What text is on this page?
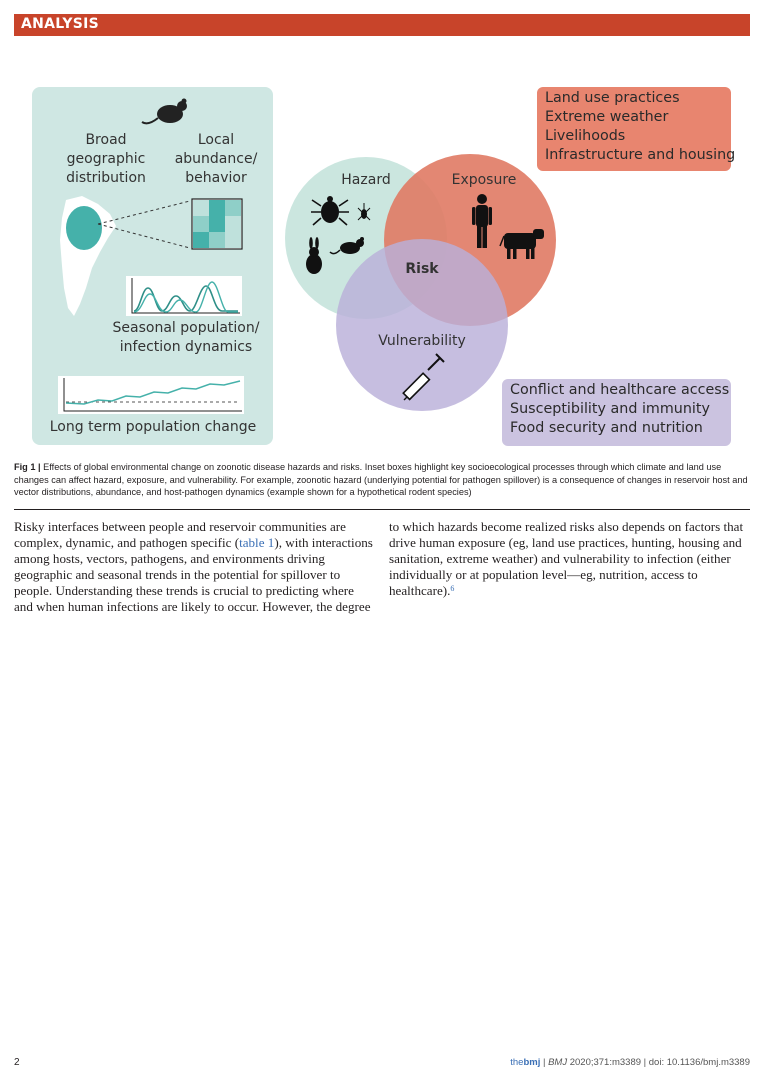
ANALYSIS
Broad
geographic
distribution
Local
abundance/
behavior
Seasonal population/
infection dynamics
Long term population change
Hazard	Exposure
Risk
Vulnerability
Land use practices
Extreme weather
Livelihoods
Infrastructure and housing
Conflict and healthcare access
Susceptibility and immunity
Food security and nutrition
Fig 1 | Effects of global environmental change on zoonotic disease hazards and risks. Inset boxes highlight key socioecological processes through which climate and land use changes can affect hazard, exposure, and vulnerability. For example, zoonotic hazard (underlying potential for pathogen spillover) is a consequence of changes in reservoir host and vector distributions, abundance, and host-pathogen dynamics (example shown for a hypothetical rodent species)
Risky interfaces between people and reservoir communities are complex, dynamic, and pathogen specific (table 1), with interactions among hosts, vectors, pathogens, and environments driving geographic and seasonal trends in the potential for spillover to people. Understanding these trends is crucial to predicting where and when human infections are likely to occur. However, the degree
to which hazards become realized risks also depends on factors that drive human exposure (eg, land use practices, hunting, housing and sanitation, extreme weather) and vulnerability to infection (either individually or at population level—eg, nutrition, access to healthcare).$^6$
2	thebmj | BMJ 2020;371:m3389 | doi: 10.1136/bmj.m3389
